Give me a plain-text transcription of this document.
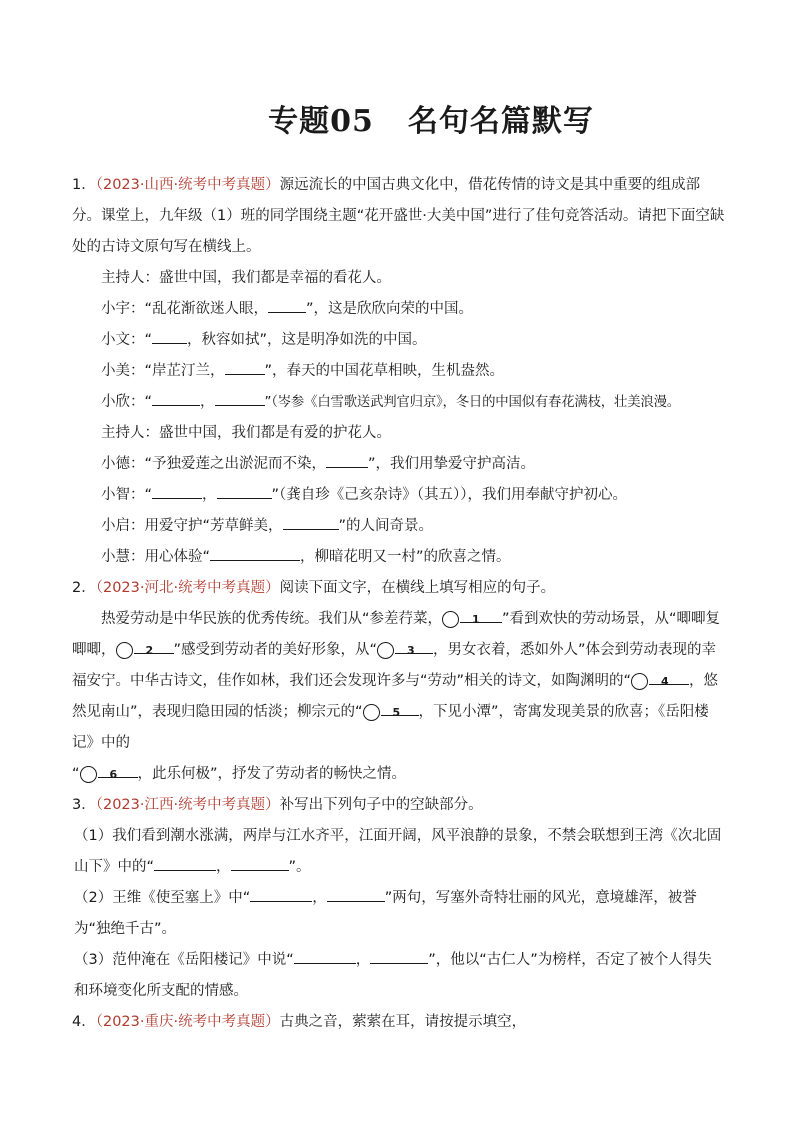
专题05 名句名篇默写

1．（2023·山西·统考中考真题）源远流长的中国古典文化中，借花传情的诗文是其中重要的组成部分。课堂上，九年级（1）班的同学围绕主题“花开盛世·大美中国”进行了佳句竞答活动。请把下面空缺处的古诗文原句写在横线上。

主持人：盛世中国，我们都是幸福的看花人。

小宇：“乱花渐欲迷人眼，	”，这是欣欣向荣的中国。

小文：“ ，秋容如拭”，这是明净如洗的中国。

小美：“岸芷汀兰，	”，春天的中国花草相映，生机盎然。

小欣：“	，	”（岑参《白雪歌送武判官归京》，冬日的中国似有春花满枝，壮美浪漫。

主持人：盛世中国，我们都是有爱的护花人。

小德：“予独爱莲之出淤泥而不染，	”，我们用挚爱守护高洁。

小智：“	，	”（龚自珍《己亥杂诗》（其五）），我们用奉献守护初心。

小启：用爱守护“芳草鲜美，	”的人间奇景。

小慧：用心体验“	，柳暗花明又一村”的欣喜之情。

2．（2023·河北·统考中考真题）阅读下面文字，在横线上填写相应的句子。

热爱劳动是中华民族的优秀传统。我们从“参差荇菜，	1 ”看到欢快的劳动场景，从“唧唧复唧唧，	2 ”感受到劳动者的美好形象，从“	3 ，男女衣着，悉如外人”体会到劳动表现的幸福安宁。中华古诗文，佳作如林，我们还会发现许多与“劳动”相关的诗文，如陶渊明的“	4 ，悠然见南山”，表现归隐田园的恬淡；柳宗元的“	5 ，下见小潭”，寄寓发现美景的欣喜；《岳阳楼记》中的
“	6 ，此乐何极”，抒发了劳动者的畅快之情。

3．（2023·江西·统考中考真题）补写出下列句子中的空缺部分。

（1）我们看到潮水涨满，两岸与江水齐平，江面开阔，风平浪静的景象，不禁会联想到王湾《次北固山下》中的“	，	”。

（2）王维《使至塞上》中“	，	”两句，写塞外奇特壮丽的风光，意境雄浑，被誉为“独绝千古”。

（3）范仲淹在《岳阳楼记》中说“	，	”，他以“古仁人”为榜样，否定了被个人得失和环境变化所支配的情感。

4．（2023·重庆·统考中考真题）古典之音，萦萦在耳，请按提示填空，
